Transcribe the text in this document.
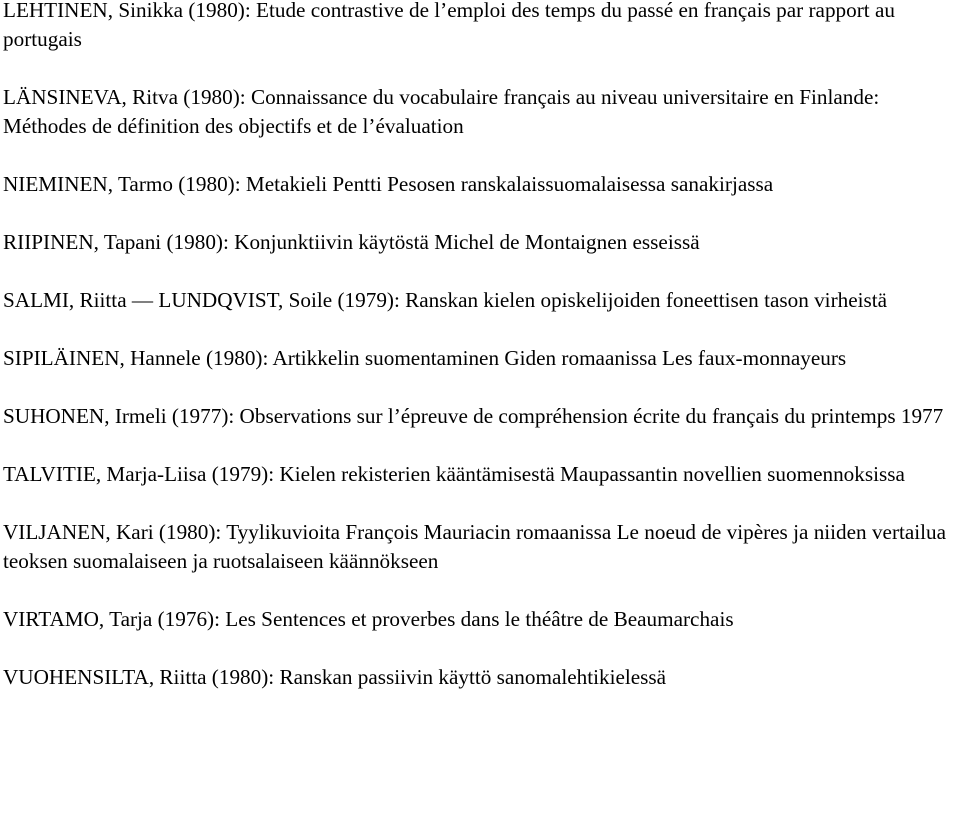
LEHTINEN, Sinikka (1980): Etude contrastive de l’emploi des temps du passé en français par rapport au portugais
LÄNSINEVA, Ritva (1980): Connaissance du vocabulaire français au niveau universitaire en Finlande: Méthodes de définition des objectifs et de l’évaluation
NIEMINEN, Tarmo (1980): Metakieli Pentti Pesosen ranskalaissuomalaisessa sanakirjassa
RIIPINEN, Tapani (1980): Konjunktiivin käytöstä Michel de Montaignen esseissä
SALMI, Riitta — LUNDQVIST, Soile (1979): Ranskan kielen opiskelijoiden foneettisen tason virheistä
SIPILÄINEN, Hannele (1980): Artikkelin suomentaminen Giden romaanissa Les faux-monnayeurs
SUHONEN, Irmeli (1977): Observations sur l’épreuve de compréhension écrite du français du printemps 1977
TALVITIE, Marja-Liisa (1979): Kielen rekisterien kääntämisestä Maupassantin novellien suomennoksissa
VILJANEN, Kari (1980): Tyylikuvioita François Mauriacin romaanissa Le noeud de vipères ja niiden vertailua teoksen suomalaiseen ja ruotsalaiseen käännökseen
VIRTAMO, Tarja (1976): Les Sentences et proverbes dans le théâtre de Beaumarchais
VUOHENSILTA, Riitta (1980): Ranskan passiivin käyttö sanomalehtikielessä
